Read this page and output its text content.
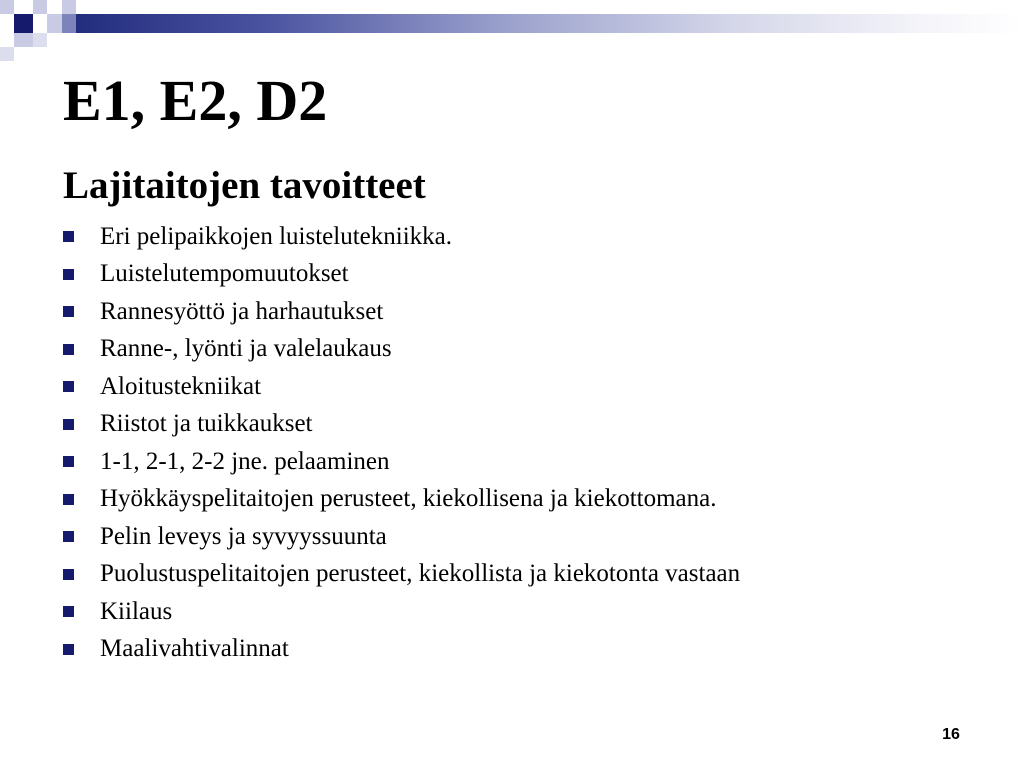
E1, E2, D2
Lajitaitojen tavoitteet
Eri pelipaikkojen luistelutekniikka.
Luistelutempomuutokset
Rannesyöttö ja harhautukset
Ranne-, lyönti ja valelaukaus
Aloitustekniikat
Riistot ja tuikkaukset
1-1, 2-1, 2-2 jne. pelaaminen
Hyökkäyspelitaitojen perusteet, kiekollisena ja kiekottomana.
Pelin leveys ja syvyyssuunta
Puolustuspelitaitojen perusteet, kiekollista ja kiekotonta vastaan
Kiilaus
Maalivahtivalinnat
16
